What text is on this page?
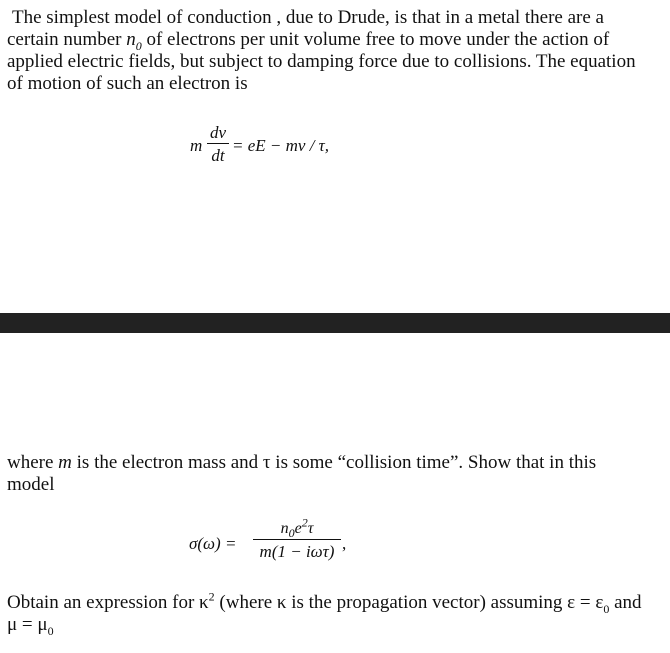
The simplest model of conduction , due to Drude, is that in a metal there are a
certain number $n_0$ of electrons per unit volume free to move under the action of
applied electric fields, but subject to damping force due to collisions. The equation
of motion of such an electron is
m
dv
dt
= eE − mv / τ,
where m is the electron mass and τ is some “collision time”. Show that in this
model
σ(ω) =
$n_0e^2\tau$
m(1 − iωτ) ,
Obtain an expression for $\kappa^2$ (where κ is the propagation vector) assuming $\varepsilon = \varepsilon_0$ and
$\mu = \mu_0$
